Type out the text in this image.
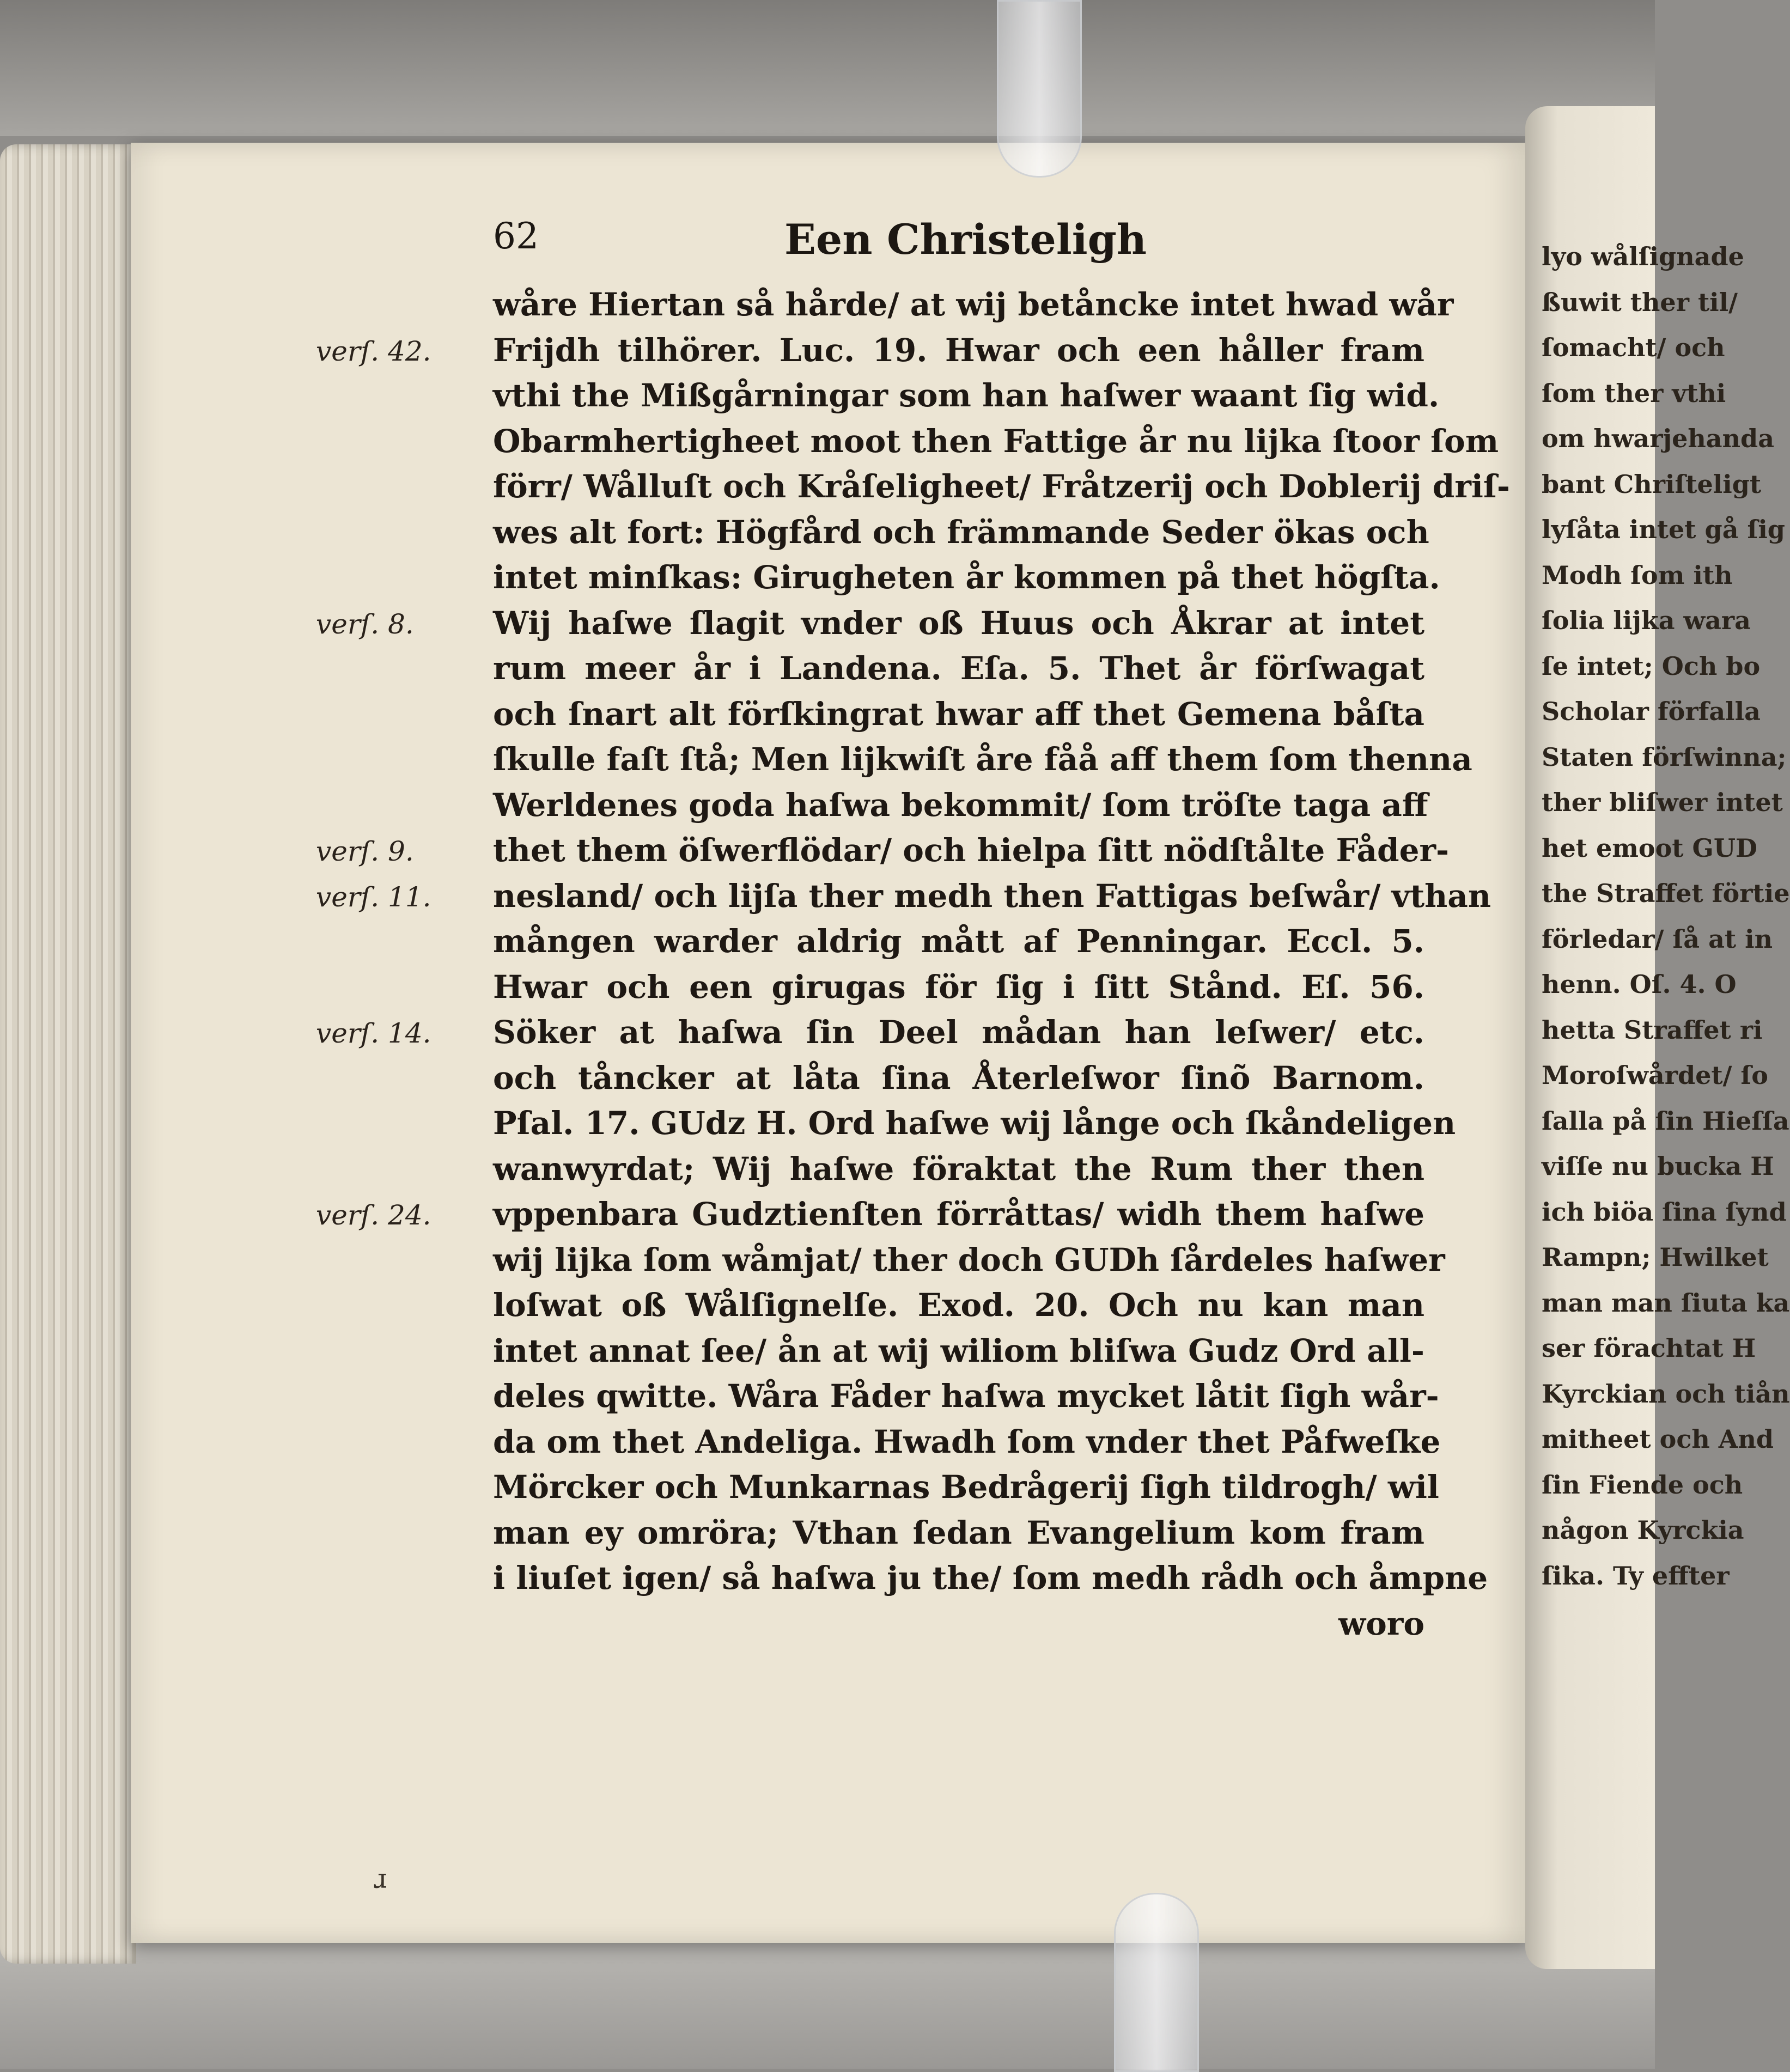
lyo wålſignade
ßuwit ther til/
ſomacht/ och
ſom ther vthi
om hwarjehanda
bant Chriſteligt
lyſåta intet gå ſig
Modh ſom ith
ſolia lijka wara
ſe intet; Och bo
Scholar förfalla
Staten förſwinna;
ther bliſwer intet
het emoot GUD
the Straffet förtie
förledar/ ſå at in
henn. Oſ. 4. O
hetta Straffet ri
Moroſwårdet/ ſo
ſalla på ſin Hieſſa
viſſe nu bucka H
ich biöa ſina ſynd
Rampn; Hwilket
man man ſiuta ka
ser förachtat H
Kyrckian och tiån
mitheet och And
ſin Fiende och
någon Kyrckia
ſika. Ty effter
62	Een Christeligh
wåre Hiertan så hårde/ at wij betåncke intet hwad wår
Frijdh tilhörer. Luc. 19. Hwar och een håller fram
vthi the Mißgårningar som han haſwer waant ſig wid.
Obarmhertigheet moot then Fattige år nu lijka ſtoor ſom
förr/ Wålluſt och Kråſeligheet/ Fråtzerij och Doblerij driſ-
wes alt fort: Högfård och främmande Seder ökas och
intet minſkas: Girugheten år kommen på thet högſta.
Wij haſwe ſlagit vnder oß Huus och Åkrar at intet
rum meer år i Landena. Eſa. 5. Thet år förſwagat
och ſnart alt förſkingrat hwar aff thet Gemena båſta
ſkulle faſt ſtå; Men lijkwiſt åre fåå aff them ſom thenna
Werldenes goda haſwa bekommit/ ſom tröſte taga aff
thet them öſwerflödar/ och hielpa ſitt nödſtålte Fåder-
nesland/ och lijſa ther medh then Fattigas beſwår/ vthan
mången warder aldrig mått af Penningar. Eccl. 5.
Hwar och een girugas för ſig i ſitt Stånd. Eſ. 56.
Söker at haſwa ſin Deel mådan han leſwer/ etc.
och tåncker at låta ſina Återleſwor ſinõ Barnom.
Pſal. 17. GUdz H. Ord haſwe wij långe och ſkåndeligen
wanwyrdat; Wij haſwe föraktat the Rum ther then
vppenbara Gudztienſten förråttas/ widh them haſwe
wij lijka ſom wåmjat/ ther doch GUDh ſårdeles haſwer
loſwat oß Wålſignelſe. Exod. 20. Och nu kan man
intet annat ſee/ ån at wij wiliom bliſwa Gudz Ord all-
deles qwitte. Wåra Fåder haſwa mycket låtit ſigh wår-
da om thet Andeliga. Hwadh ſom vnder thet Påfweſke
Mörcker och Munkarnas Bedrågerij ſigh tildrogh/ wil
man ey omröra; Vthan ſedan Evangelium kom fram
i liuſet igen/ så haſwa ju the/ ſom medh rådh och åmpne
woro
verſ. 42.
verſ. 8.
verſ. 9.
verſ. 11.
verſ. 14.
verſ. 24.
ɹ
